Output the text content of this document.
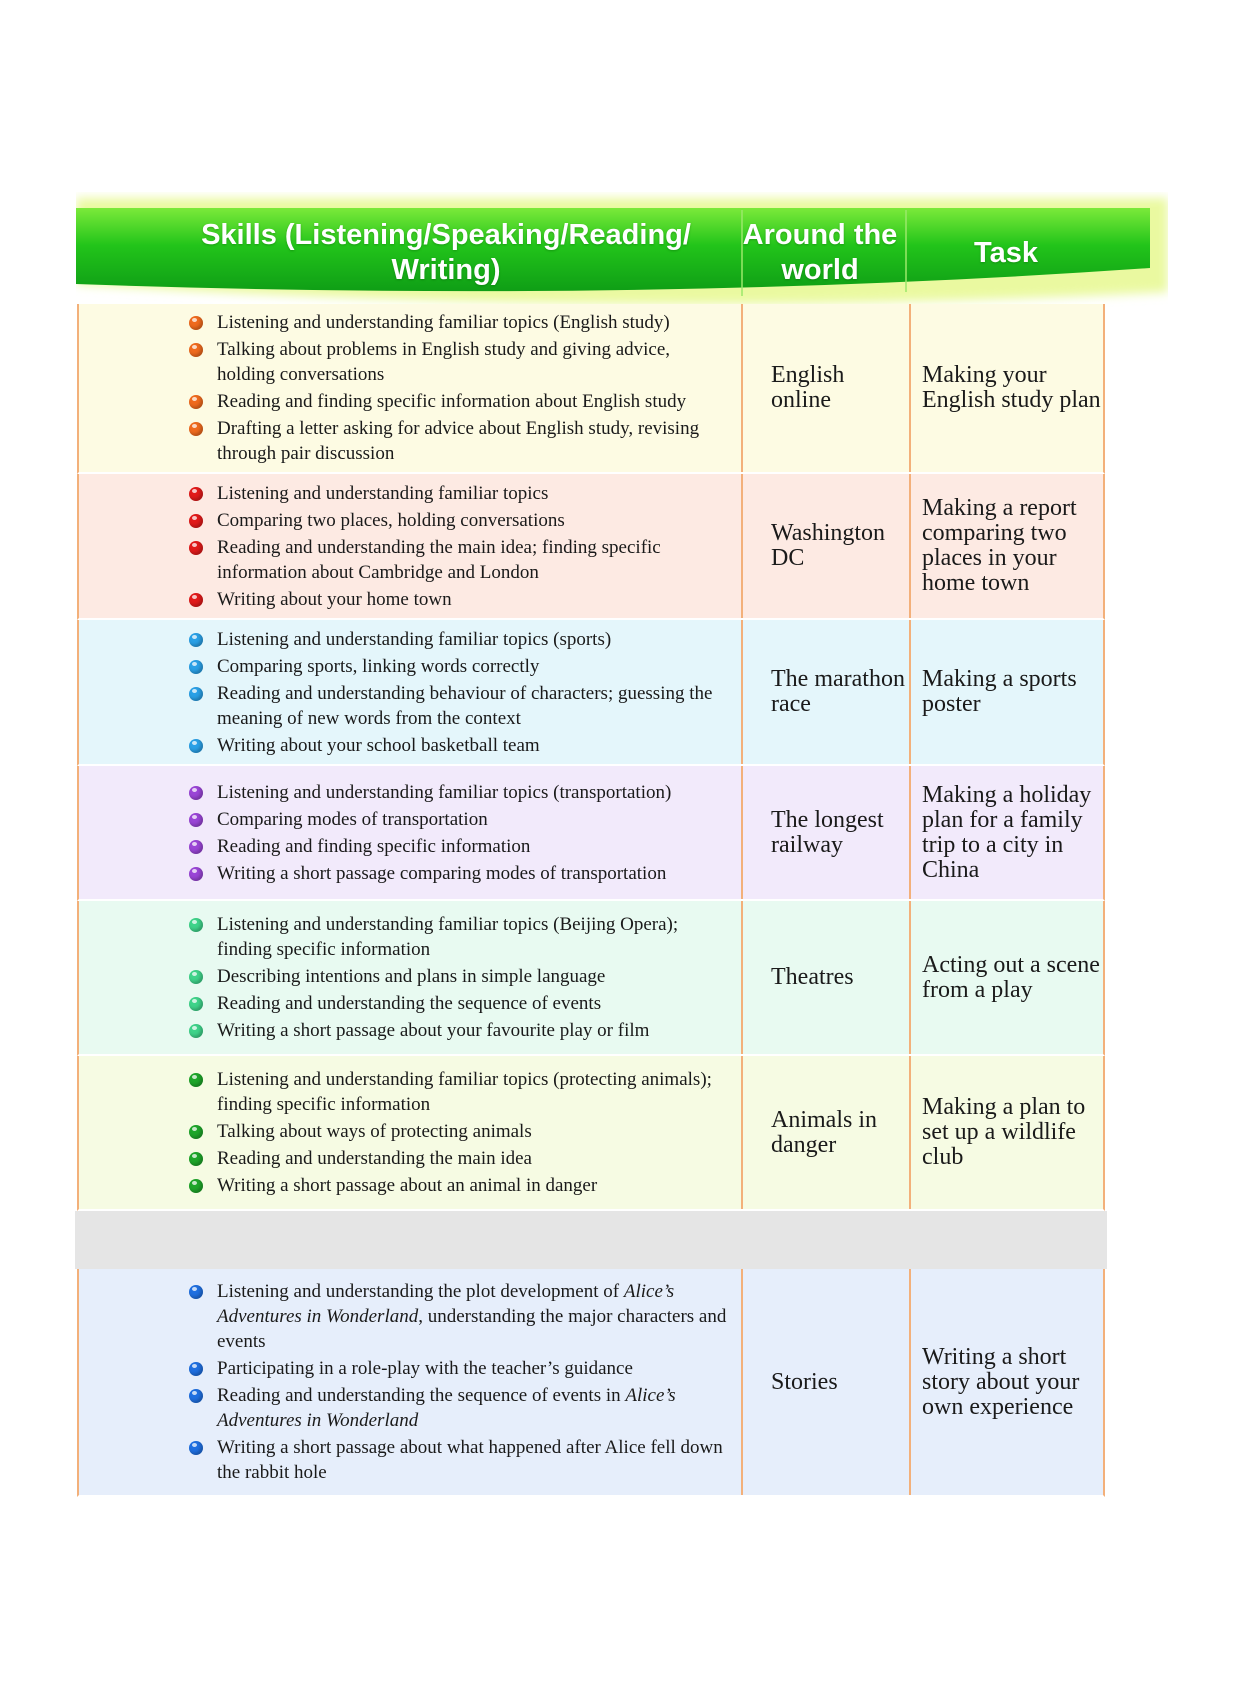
Skills (Listening/Speaking/Reading/ Writing)
Around the world
Task
Listening and understanding familiar topics (English study)
Talking about problems in English study and giving advice, holding conversations
Reading and finding specific information about English study
Drafting a letter asking for advice about English study, revising through pair discussion
English online
Making your English study plan
Listening and understanding familiar topics
Comparing two places, holding conversations
Reading and understanding the main idea; finding specific information about Cambridge and London
Writing about your home town
Washington DC
Making a report comparing two places in your home town
Listening and understanding familiar topics (sports)
Comparing sports, linking words correctly
Reading and understanding behaviour of characters; guessing the meaning of new words from the context
Writing about your school basketball team
The marathon race
Making a sports poster
Listening and understanding familiar topics (transportation)
Comparing modes of transportation
Reading and finding specific information
Writing a short passage comparing modes of transportation
The longest railway
Making a holiday plan for a family trip to a city in China
Listening and understanding familiar topics (Beijing Opera); finding specific information
Describing intentions and plans in simple language
Reading and understanding the sequence of events
Writing a short passage about your favourite play or film
Theatres	Acting out a scene from a play
Listening and understanding familiar topics (protecting animals); finding specific information
Talking about ways of protecting animals
Reading and understanding the main idea
Writing a short passage about an animal in danger
Animals in danger
Making a plan to set up a wildlife club
Listening and understanding the plot development of Alice’s Adventures in Wonderland, understanding the major characters and events
Participating in a role-play with the teacher’s guidance
Reading and understanding the sequence of events in Alice’s Adventures in Wonderland
Writing a short passage about what happened after Alice fell down the rabbit hole
Stories
Writing a short story about your own experience
